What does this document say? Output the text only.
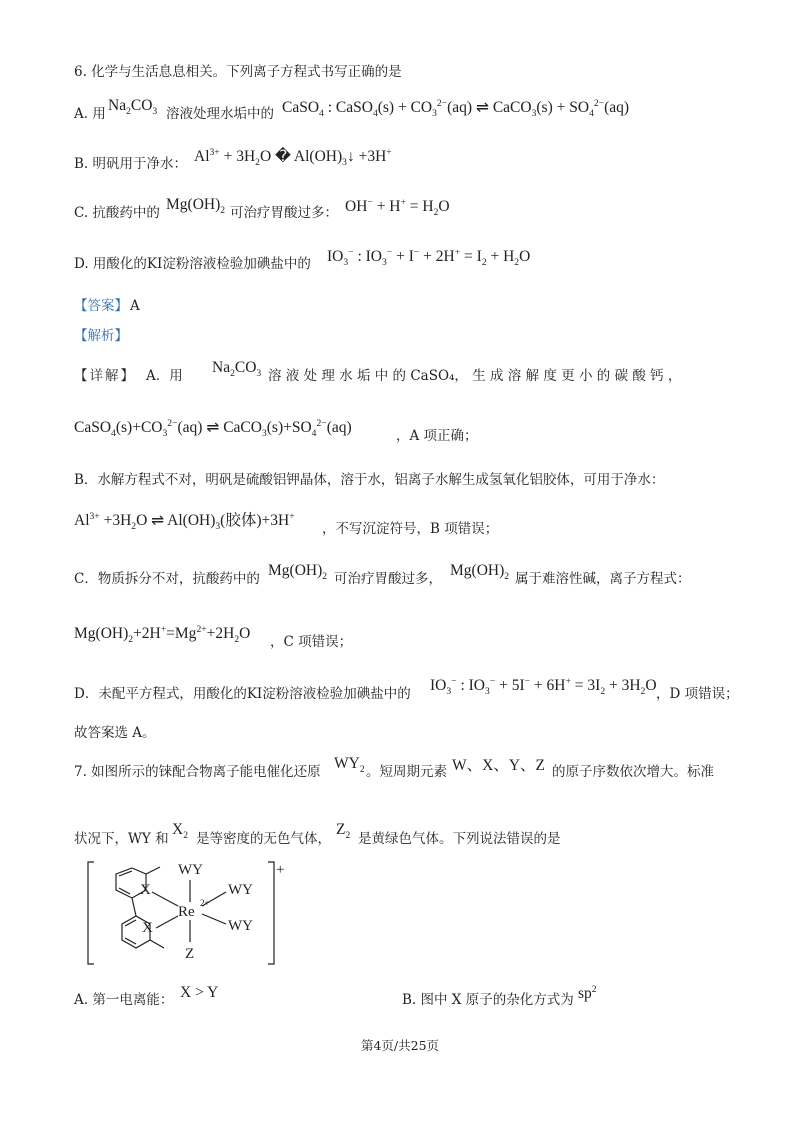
6. 化学与生活息息相关。下列离子方程式书写正确的是
A. 用 $Na_2CO_3$ 溶液处理水垢中的 CaSO$_4$ : CaSO$_4$(s) + $CO_3^{2-}(aq)$ ⇌ CaCO$_3$(s) + $SO_4^{2-}(aq)$
B. 明矾用于净水： $Al^{3+} + 3H_2O$ � $Al(OH)_3↓ +3H^+$
C. 抗酸药中的 $Mg(OH)_2$ 可治疗胃酸过多： $OH^- + H^+ = H_2O$
D. 用酸化的KI淀粉溶液检验加碘盐中的 $IO_3^-$ : $IO_3^- + I^- + 2H^+ = I_2 + H_2O$
【答案】 A
【解析】
【详解】 A．用 $Na_2CO_3$ 溶 液 处 理 水 垢 中 的 CaSO₄， 生 成 溶 解 度 更 小 的 碳 酸 钙 ，
$CaSO_4(s)+CO_3^{2-}(aq)$ ⇌ $CaCO_3(s)+SO_4^{2-}(aq)$	，A 项正确；
B．水解方程式不对，明矾是硫酸铝钾晶体，溶于水，铝离子水解生成氢氧化铝胶体，可用于净水：
$Al^{3+} +3H_2O$ ⇌ $Al(OH)_3$(胶体)+3H+
，不写沉淀符号，B 项错误；
C．物质拆分不对，抗酸药中的 $Mg(OH)_2$ 可治疗胃酸过多， $Mg(OH)_2$ 属于难溶性碱，离子方程式：
$Mg(OH)_2+2H^+=Mg^{2+}+2H_2O$ ，C 项错误；
D．未配平方程式，用酸化的KI淀粉溶液检验加碘盐中的 $IO_3^-$ : $IO_3^- + 5I^- + 6H^+ = 3I_2 + 3H_2O$ ，D 项错误；
故答案选 A。
7. 如图所示的铼配合物离子能电催化还原 $WY_2$ 。短周期元素 W、X、Y、Z 的原子序数依次增大。标准
状况下，WY 和
$X_2$ 是等密度的无色气体，
$Z_2$ 是黄绿色气体。下列说法错误的是
WY
WY
WY
Z
Re
2+
X
X
+
A. 第一电离能： X > Y	B. 图中 X 原子的杂化方式为 $sp^2$
第4页/共25页
